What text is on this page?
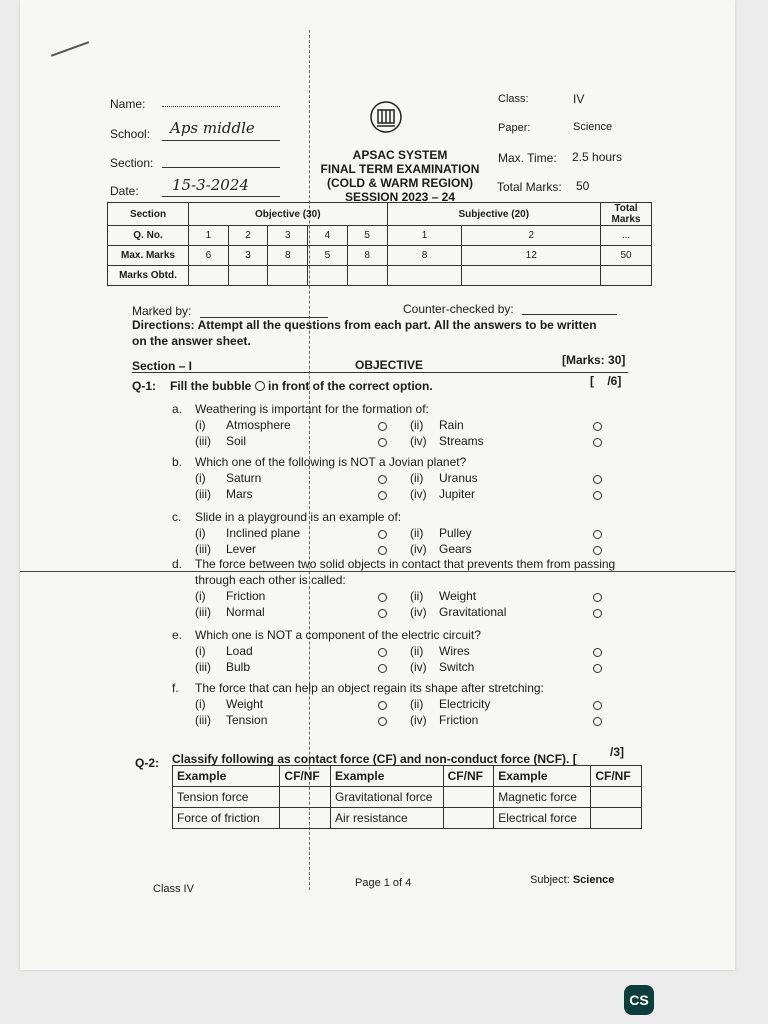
Name:
School: Aps middle
Section:
Date: 15-3-2024
APSAC SYSTEM
FINAL TERM EXAMINATION
(COLD & WARM REGION)
SESSION 2023 – 24
Class:	IV
Paper:	Science
Max. Time: 2.5 hours
Total Marks: 50
Section	Objective (30)					Subjective (20)		Total Marks
Q. No.	1	2	3	4	5	1	2	...
Max. Marks	6	3	8	5	8	8	12	50
Marks Obtd.								
Marked by:	Counter-checked by:
Directions: Attempt all the questions from each part. All the answers to be written
on the answer sheet.
Section – I	OBJECTIVE	[Marks: 30]
Q-1: Fill the bubble in front of the correct option.	[    /6]
a. Weathering is important for the formation of:
(i) Atmosphere	(ii) Rain
(iii) Soil	(iv) Streams
b. Which one of the following is NOT a Jovian planet?
(i) Saturn	(ii) Uranus
(iii) Mars	(iv) Jupiter
c. Slide in a playground is an example of:
(i) Inclined plane	(ii) Pulley
(iii) Lever	(iv) Gears
d. The force between two solid objects in contact that prevents them from passing
through each other is called:
(i) Friction	(ii) Weight
(iii) Normal	(iv) Gravitational
e. Which one is NOT a component of the electric circuit?
(i) Load	(ii) Wires
(iii) Bulb	(iv) Switch
f. The force that can help an object regain its shape after stretching:
(i) Weight	(ii) Electricity
(iii) Tension	(iv) Friction
Q-2: Classify following as contact force (CF) and non-conduct force (NCF). [	/3]
Example	CF/NF	Example	CF/NF	Example	CF/NF
Tension force		Gravitational force		Magnetic force	
Force of friction		Air resistance		Electrical force	
Class IV	Page 1 of 4	Subject: Science
CS
